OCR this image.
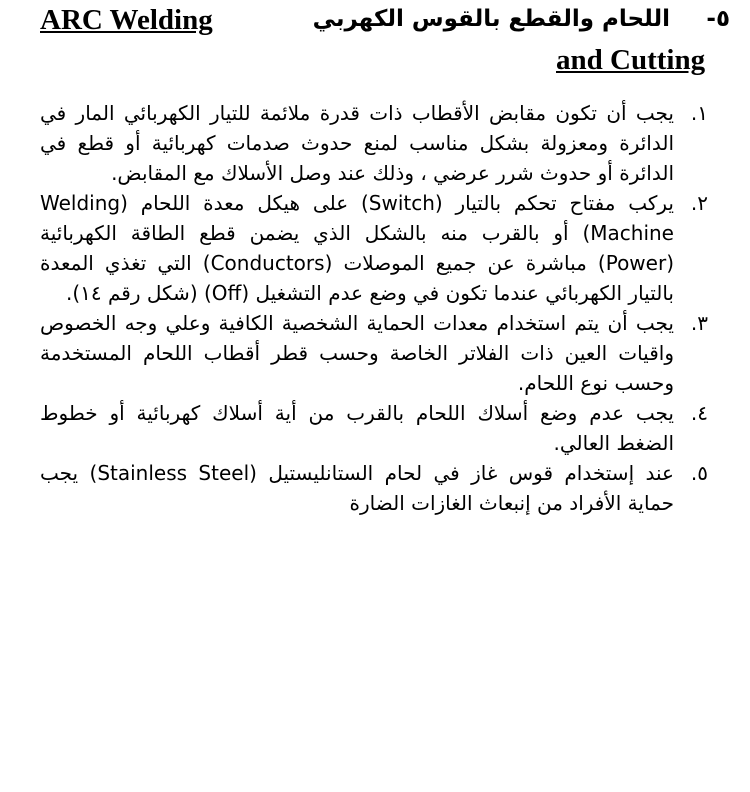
ARC Welding	اللحام والقطع بالقوس الكهربي ٥-
and Cutting

١.
يجب أن تكون مقابض الأقطاب ذات قدرة ملائمة للتيار الكهربائي المار في الدائرة ومعزولة بشكل مناسب لمنع حدوث صدمات كهربائية أو قطع في الدائرة أو حدوث شرر عرضي ، وذلك عند وصل الأسلاك مع المقابض.

٢.
يركب مفتاح تحكم بالتيار (Switch) على هيكل معدة اللحام (Welding Machine) أو بالقرب منه بالشكل الذي يضمن قطع الطاقة الكهربائية (Power) مباشرة عن جميع الموصلات (Conductors) التي تغذي المعدة بالتيار الكهربائي عندما تكون في وضع عدم التشغيل (Off) (شكل رقم ١٤).

٣.
يجب أن يتم استخدام معدات الحماية الشخصية الكافية وعلي وجه الخصوص واقيات العين ذات الفلاتر الخاصة وحسب قطر أقطاب اللحام المستخدمة وحسب نوع اللحام.

٤.
يجب عدم وضع أسلاك اللحام بالقرب من أية أسلاك كهربائية أو خطوط الضغط العالي.

٥.
عند إستخدام قوس غاز في لحام الستانليستيل (Stainless Steel) يجب حماية الأفراد من إنبعاث الغازات الضارة
